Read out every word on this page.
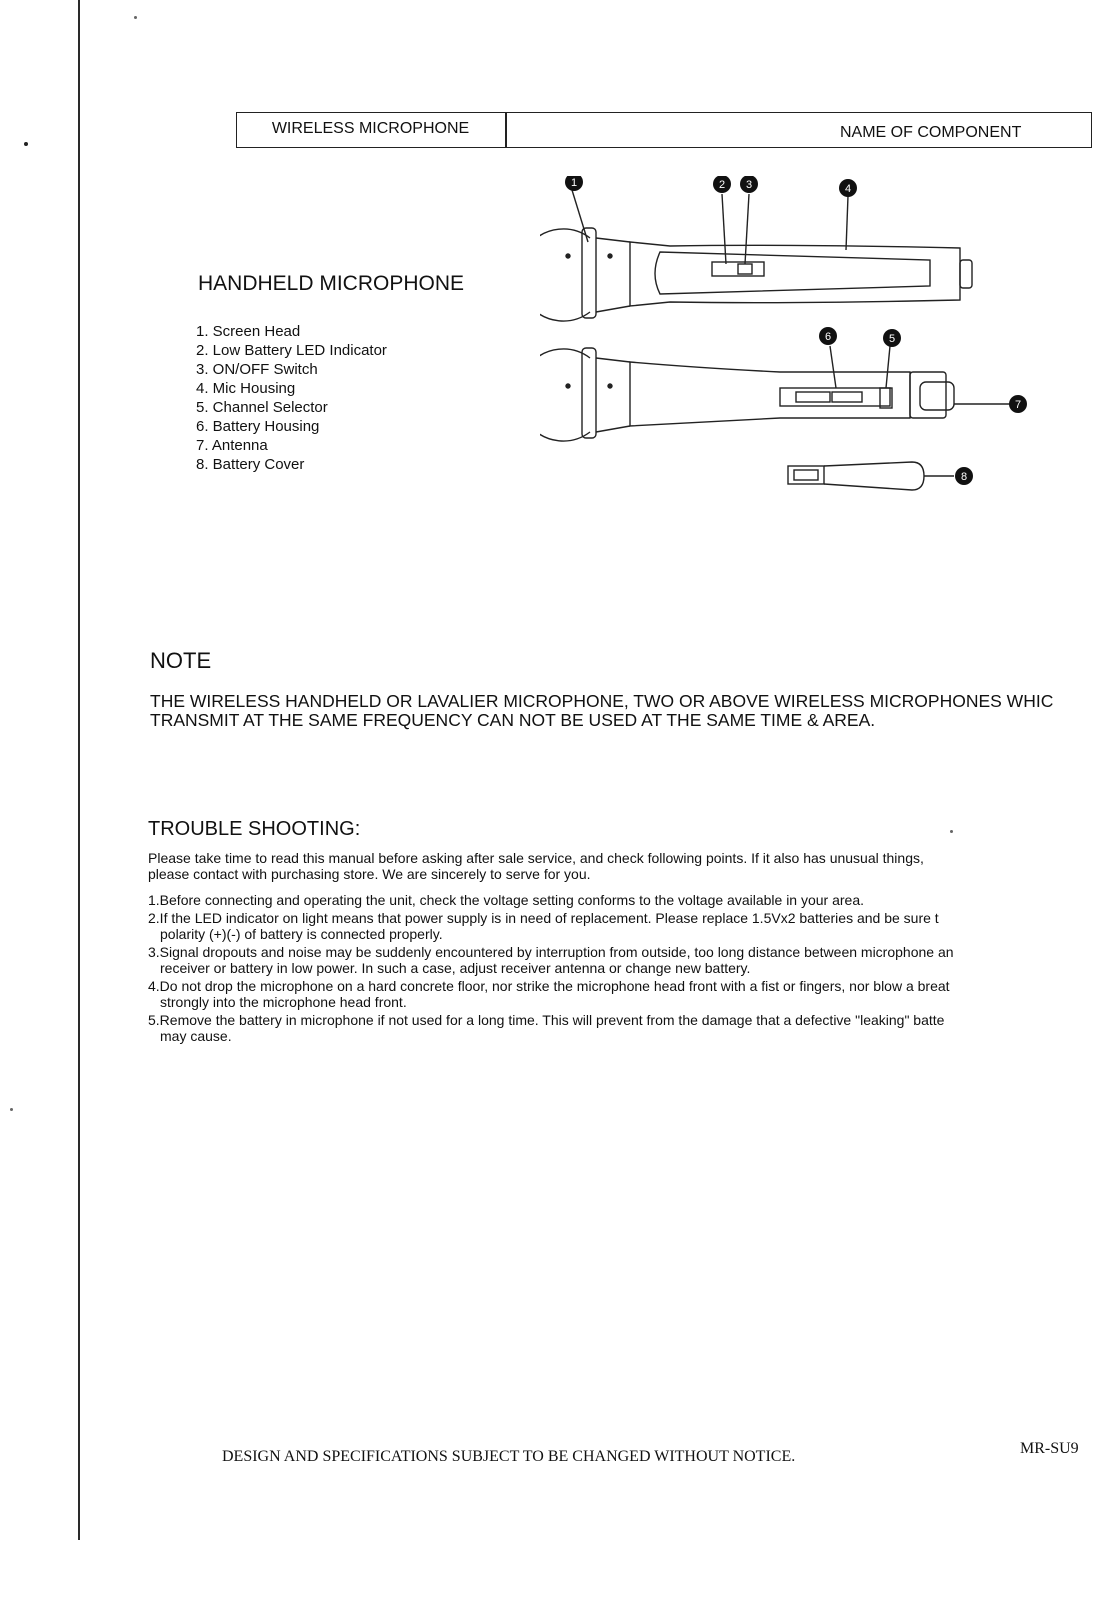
WIRELESS MICROPHONE	NAME OF COMPONENT
HANDHELD MICROPHONE
1. Screen Head
2. Low Battery LED Indicator
3. ON/OFF Switch
4. Mic Housing
5. Channel Selector
6. Battery Housing
7. Antenna
8. Battery Cover
1	2 3	4
5
6
7
8
NOTE
THE WIRELESS HANDHELD OR LAVALIER MICROPHONE, TWO OR ABOVE WIRELESS MICROPHONES WHIC
TRANSMIT AT THE SAME FREQUENCY CAN NOT BE USED AT THE SAME TIME & AREA.
TROUBLE SHOOTING:
Please take time to read this manual before asking after sale service, and check following points. If it also has unusual things,
please contact with purchasing store. We are sincerely to serve for you.
1.Before connecting and operating the unit, check the voltage setting conforms to the voltage available in your area.
2.If the LED indicator on light means that power supply is in need of replacement. Please replace 1.5Vx2 batteries and be sure t
polarity (+)(-) of battery is connected properly.
3.Signal dropouts and noise may be suddenly encountered by interruption from outside, too long distance between microphone an
receiver or battery in low power. In such a case, adjust receiver antenna or change new battery.
4.Do not drop the microphone on a hard concrete floor, nor strike the microphone head front with a fist or fingers, nor blow a breat
strongly into the microphone head front.
5.Remove the battery in microphone if not used for a long time. This will prevent from the damage that a defective "leaking" batte
may cause.
DESIGN AND SPECIFICATIONS SUBJECT TO BE CHANGED WITHOUT NOTICE.	MR-SU9
